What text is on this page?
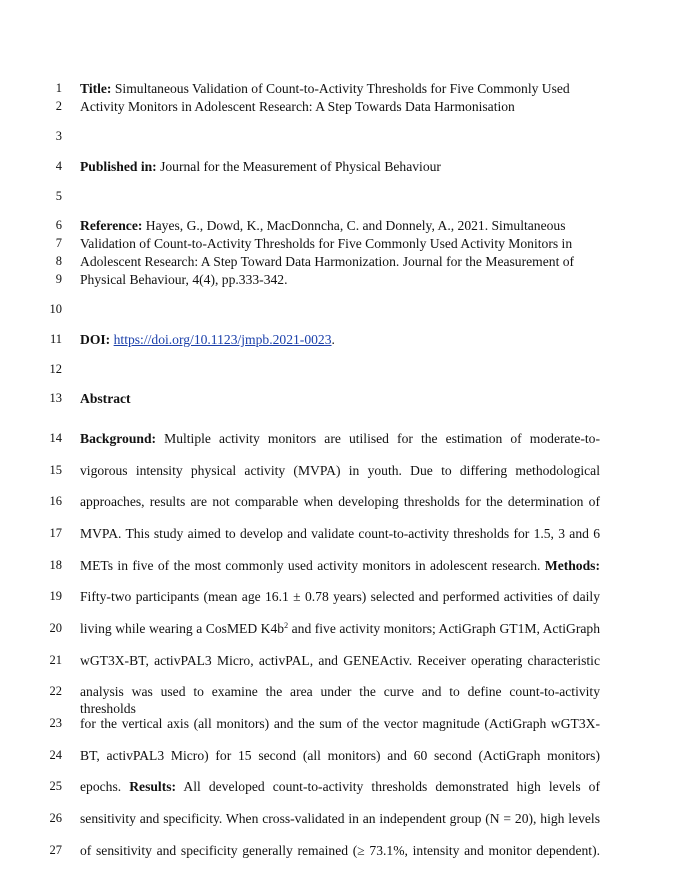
1
2
3
4
5
6
7
8
9
10
11
12
13
14
15
16
17
18
19
20
21
22
23
24
25
26
27
Title: Simultaneous Validation of Count-to-Activity Thresholds for Five Commonly Used
Activity Monitors in Adolescent Research: A Step Towards Data Harmonisation
Published in: Journal for the Measurement of Physical Behaviour
Reference: Hayes, G., Dowd, K., MacDonncha, C. and Donnely, A., 2021. Simultaneous
Validation of Count-to-Activity Thresholds for Five Commonly Used Activity Monitors in
Adolescent Research: A Step Toward Data Harmonization. Journal for the Measurement of
Physical Behaviour, 4(4), pp.333-342.
DOI: https://doi.org/10.1123/jmpb.2021-0023.
Abstract
Background: Multiple activity monitors are utilised for the estimation of moderate-to-
vigorous intensity physical activity (MVPA) in youth. Due to differing methodological
approaches, results are not comparable when developing thresholds for the determination of
MVPA. This study aimed to develop and validate count-to-activity thresholds for 1.5, 3 and 6
METs in five of the most commonly used activity monitors in adolescent research. Methods:
Fifty-two participants (mean age 16.1 ± 0.78 years) selected and performed activities of daily
living while wearing a CosMED $K4b^2$ and five activity monitors; ActiGraph GT1M, ActiGraph
wGT3X-BT, activPAL3 Micro, activPAL, and GENEActiv. Receiver operating characteristic
analysis was used to examine the area under the curve and to define count-to-activity thresholds
for the vertical axis (all monitors) and the sum of the vector magnitude (ActiGraph wGT3X-
BT, activPAL3 Micro) for 15 second (all monitors) and 60 second (ActiGraph monitors)
epochs. Results: All developed count-to-activity thresholds demonstrated high levels of
sensitivity and specificity. When cross-validated in an independent group (N = 20), high levels
of sensitivity and specificity generally remained (≥ 73.1%, intensity and monitor dependent).
